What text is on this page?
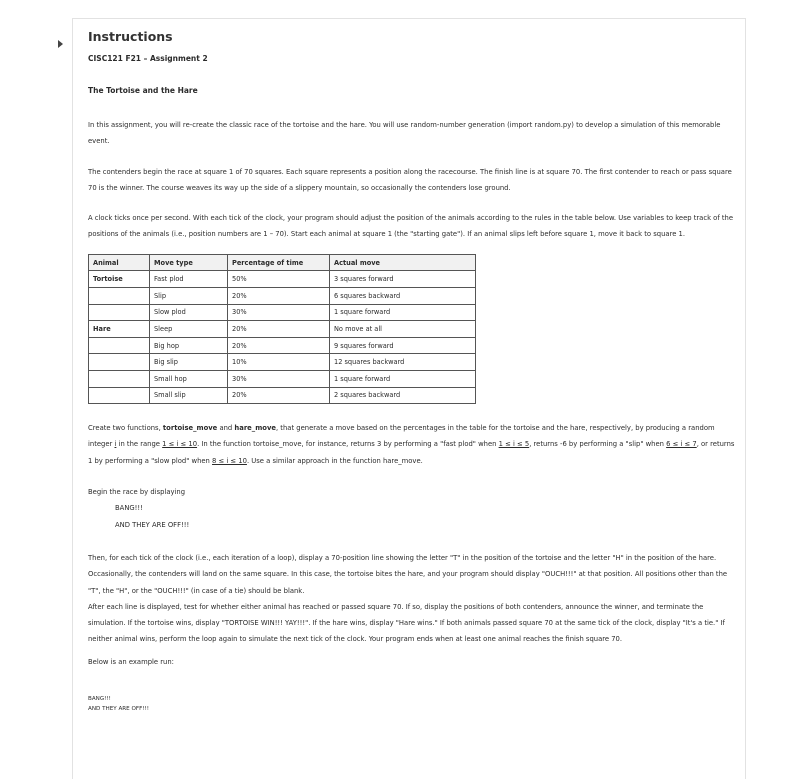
Instructions
CISC121 F21 – Assignment 2
The Tortoise and the Hare

In this assignment, you will re-create the classic race of the tortoise and the hare. You will use random-number generation (import random.py) to develop a simulation of this memorable event.

The contenders begin the race at square 1 of 70 squares. Each square represents a position along the racecourse. The finish line is at square 70. The first contender to reach or pass square 70 is the winner. The course weaves its way up the side of a slippery mountain, so occasionally the contenders lose ground.

A clock ticks once per second. With each tick of the clock, your program should adjust the position of the animals according to the rules in the table below. Use variables to keep track of the positions of the animals (i.e., position numbers are 1 – 70). Start each animal at square 1 (the "starting gate"). If an animal slips left before square 1, move it back to square 1.

Animal	Move type	Percentage of time	Actual move
Tortoise	Fast plod	50%	3 squares forward
	Slip	20%	6 squares backward
	Slow plod	30%	1 square forward
Hare	Sleep	20%	No move at all
	Big hop	20%	9 squares forward
	Big slip	10%	12 squares backward
	Small hop	30%	1 square forward
	Small slip	20%	2 squares backward

Create two functions, tortoise_move and hare_move, that generate a move based on the percentages in the table for the tortoise and the hare, respectively, by producing a random integer i in the range 1 ≤ i ≤ 10. In the function tortoise_move, for instance, returns 3 by performing a "fast plod" when 1 ≤ i ≤ 5, returns -6 by performing a "slip" when 6 ≤ i ≤ 7, or returns 1 by performing a "slow plod" when 8 ≤ i ≤ 10. Use a similar approach in the function hare_move.

Begin the race by displaying

BANG!!!

AND THEY ARE OFF!!!

Then, for each tick of the clock (i.e., each iteration of a loop), display a 70-position line showing the letter "T" in the position of the tortoise and the letter "H" in the position of the hare. Occasionally, the contenders will land on the same square. In this case, the tortoise bites the hare, and your program should display "OUCH!!!" at that position. All positions other than the "T", the "H", or the "OUCH!!!" (in case of a tie) should be blank.

After each line is displayed, test for whether either animal has reached or passed square 70. If so, display the positions of both contenders, announce the winner, and terminate the simulation. If the tortoise wins, display "TORTOISE WIN!!! YAY!!!". If the hare wins, display "Hare wins." If both animals passed square 70 at the same tick of the clock, display "It's a tie." If neither animal wins, perform the loop again to simulate the next tick of the clock. Your program ends when at least one animal reaches the finish square 70.

Below is an example run:

BANG!!!
AND THEY ARE OFF!!!
